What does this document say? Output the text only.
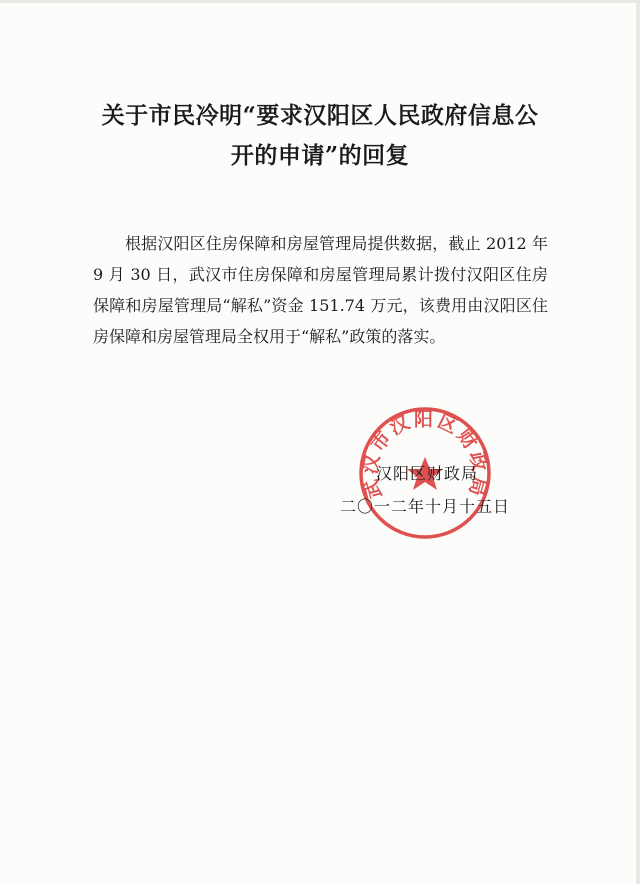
关于市民冷明“要求汉阳区人民政府信息公
开的申请”的回复
根据汉阳区住房保障和房屋管理局提供数据，截止 2012 年 9 月 30 日，武汉市住房保障和房屋管理局累计拨付汉阳区住房保障和房屋管理局“解私”资金 151.74 万元，该费用由汉阳区住房保障和房屋管理局全权用于“解私”政策的落实。
武汉市汉阳区财政局
汉阳区财政局
二〇一二年十月十五日
